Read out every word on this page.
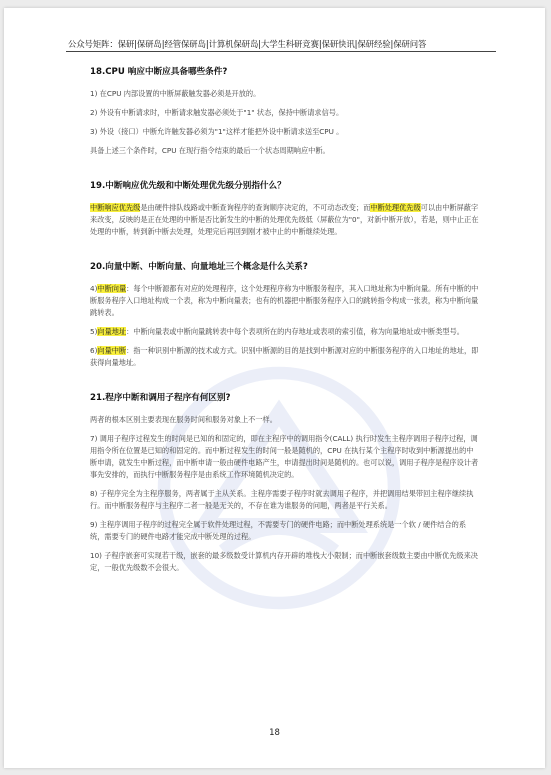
公众号矩阵：保研|保研岛|经管保研岛|计算机保研岛|大学生科研竞赛|保研快讯|保研经验|保研问答
18.CPU 响应中断应具备哪些条件?
1) 在CPU 内部设置的中断屏蔽触发器必须是开放的。
2) 外设有中断请求时，中断请求触发器必须处于"1" 状态，保持中断请求信号。
3) 外设（接口）中断允许触发器必须为"1"这样才能把外设中断请求送至CPU 。
具备上述三个条件时，CPU 在现行指令结束的最后一个状态周期响应中断。
19.中断响应优先级和中断处理优先级分别指什么？
中断响应优先级是由硬件排队线路或中断查询程序的查询顺序决定的，不可动态改变；而中断处理优先级可以由中断屏蔽字来改变，反映的是正在处理的中断是否比新发生的中断的处理优先级低（屏蔽位为"0"，对新中断开放），若是，则中止正在处理的中断，转到新中断去处理，处理完后再回到刚才被中止的中断继续处理。
20.向量中断、中断向量、向量地址三个概念是什么关系?
4)中断向量：每个中断源都有对应的处理程序，这个处理程序称为中断服务程序，其入口地址称为中断向量。所有中断的中断服务程序入口地址构成一个表，称为中断向量表；也有的机器把中断服务程序入口的跳转指令构成一张表，称为中断向量跳转表。
5)向量地址：中断向量表或中断向量跳转表中每个表项所在的内存地址或表项的索引值，称为向量地址或中断类型号。
6)向量中断：指一种识别中断源的技术或方式。识别中断源的目的是找到中断源对应的中断服务程序的入口地址的地址，即获得向量地址。
21.程序中断和调用子程序有何区别?
两者的根本区别主要表现在服务时间和服务对象上不一样。
7) 调用子程序过程发生的时间是已知的和固定的，即在主程序中的调用指令(CALL) 执行时发生主程序调用子程序过程，调用指令所在位置是已知的和固定的。而中断过程发生的时间一般是随机的，CPU 在执行某个主程序时收到中断源提出的中断申请，就发生中断过程，而中断申请一般由硬件电路产生，申请提出时间是随机的。也可以说，调用子程序是程序设计者事先安排的，而执行中断服务程序是由系统工作环境随机决定的。
8) 子程序完全为主程序服务，两者属于主从关系。主程序需要子程序时就去调用子程序，并把调用结果带回主程序继续执行。而中断服务程序与主程序二者一般是无关的，不存在谁为谁服务的问题，两者是平行关系。
9) 主程序调用子程序的过程完全属于软件处理过程，不需要专门的硬件电路；而中断处理系统是一个软 / 硬件结合的系统，需要专门的硬件电路才能完成中断处理的过程。
10) 子程序嵌套可实现若干级，嵌套的最多级数受计算机内存开辟的堆栈大小限制；而中断嵌套级数主要由中断优先级来决定，一般优先级数不会很大。
18
